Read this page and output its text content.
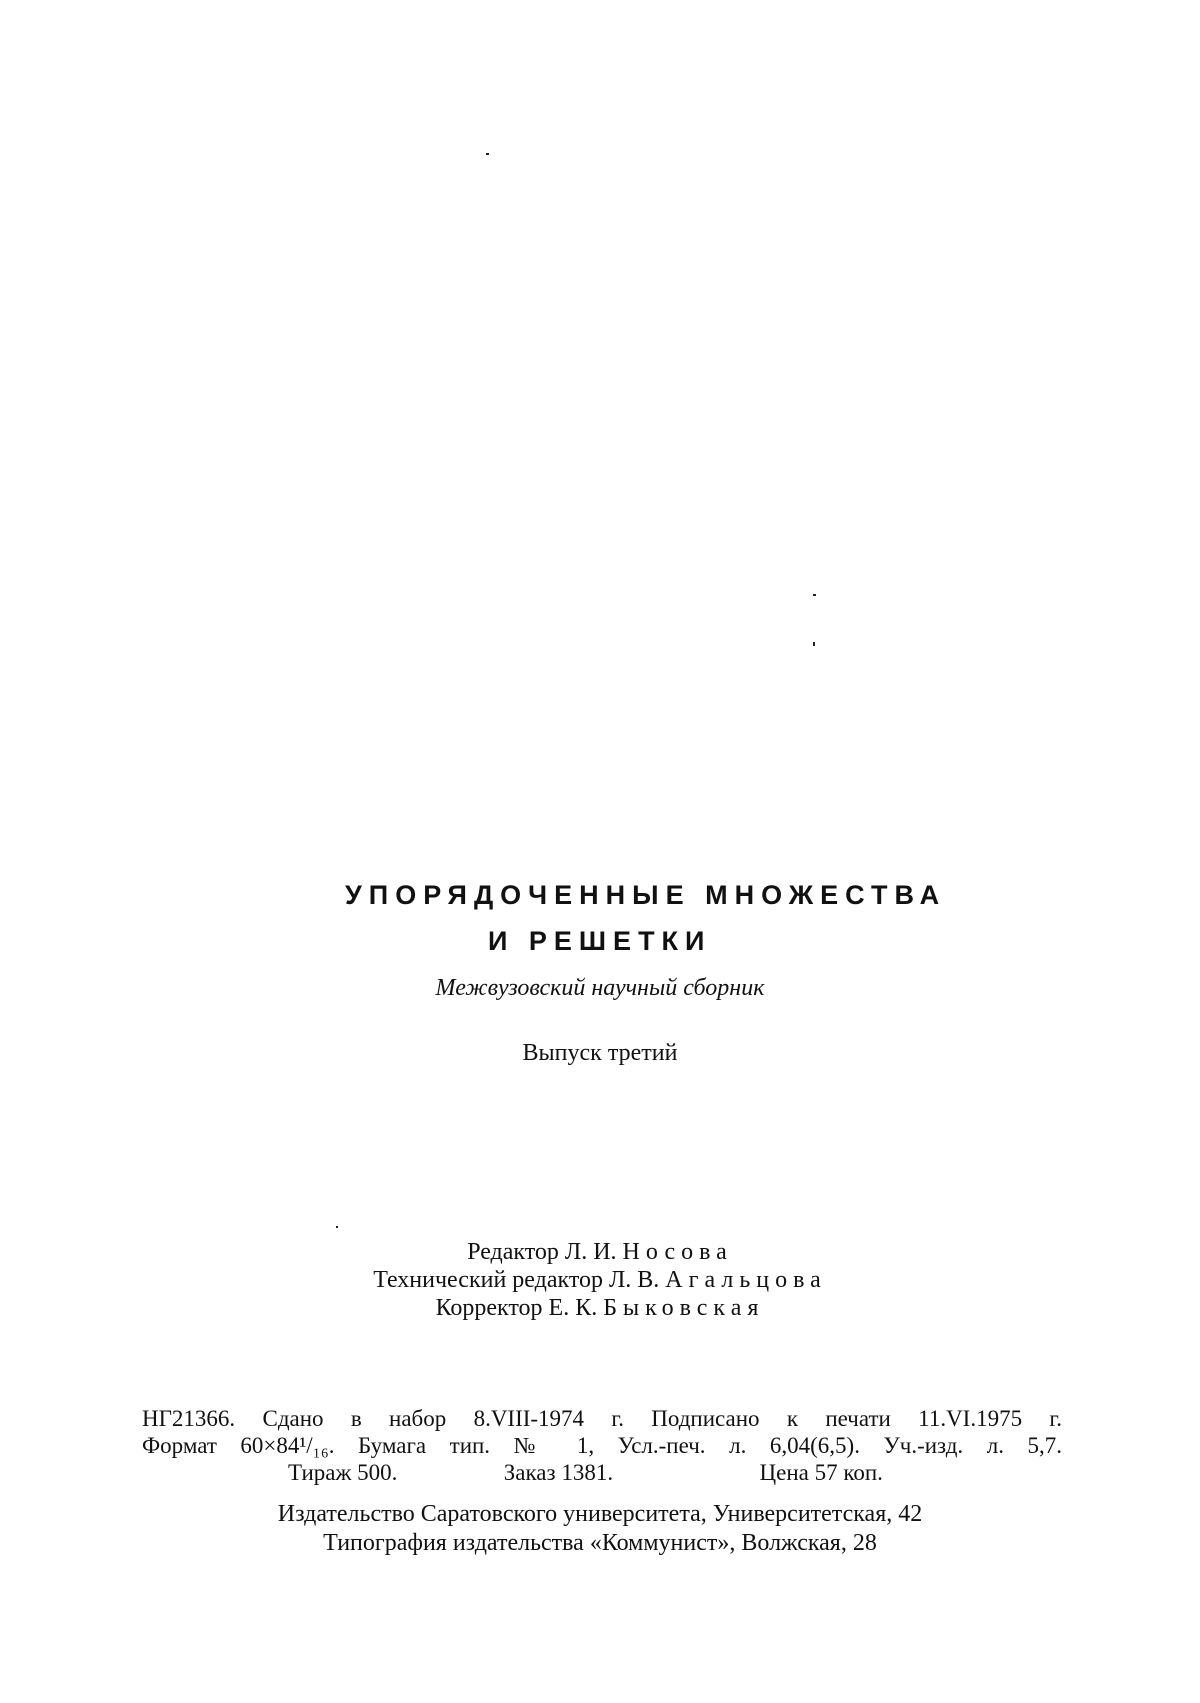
УПОРЯДОЧЕННЫЕ МНОЖЕСТВА
И РЕШЕТКИ
Межвузовский научный сборник
Выпуск третий
Редактор Л. И. Носова
Технический редактор Л. В. Агальцова
Корректор Е. К. Быковская
НГ21366. Сдано в набор 8.VIII-1974 г. Подписано к печати 11.VI.1975 г.
Формат 60×84¹/₁₆. Бумага тип. № 1, Усл.-печ. л. 6,04(6,5). Уч.-изд. л. 5,7.
Тираж 500.	Заказ 1381.	Цена 57 коп.
Издательство Саратовского университета, Университетская, 42
Типография издательства «Коммунист», Волжская, 28
